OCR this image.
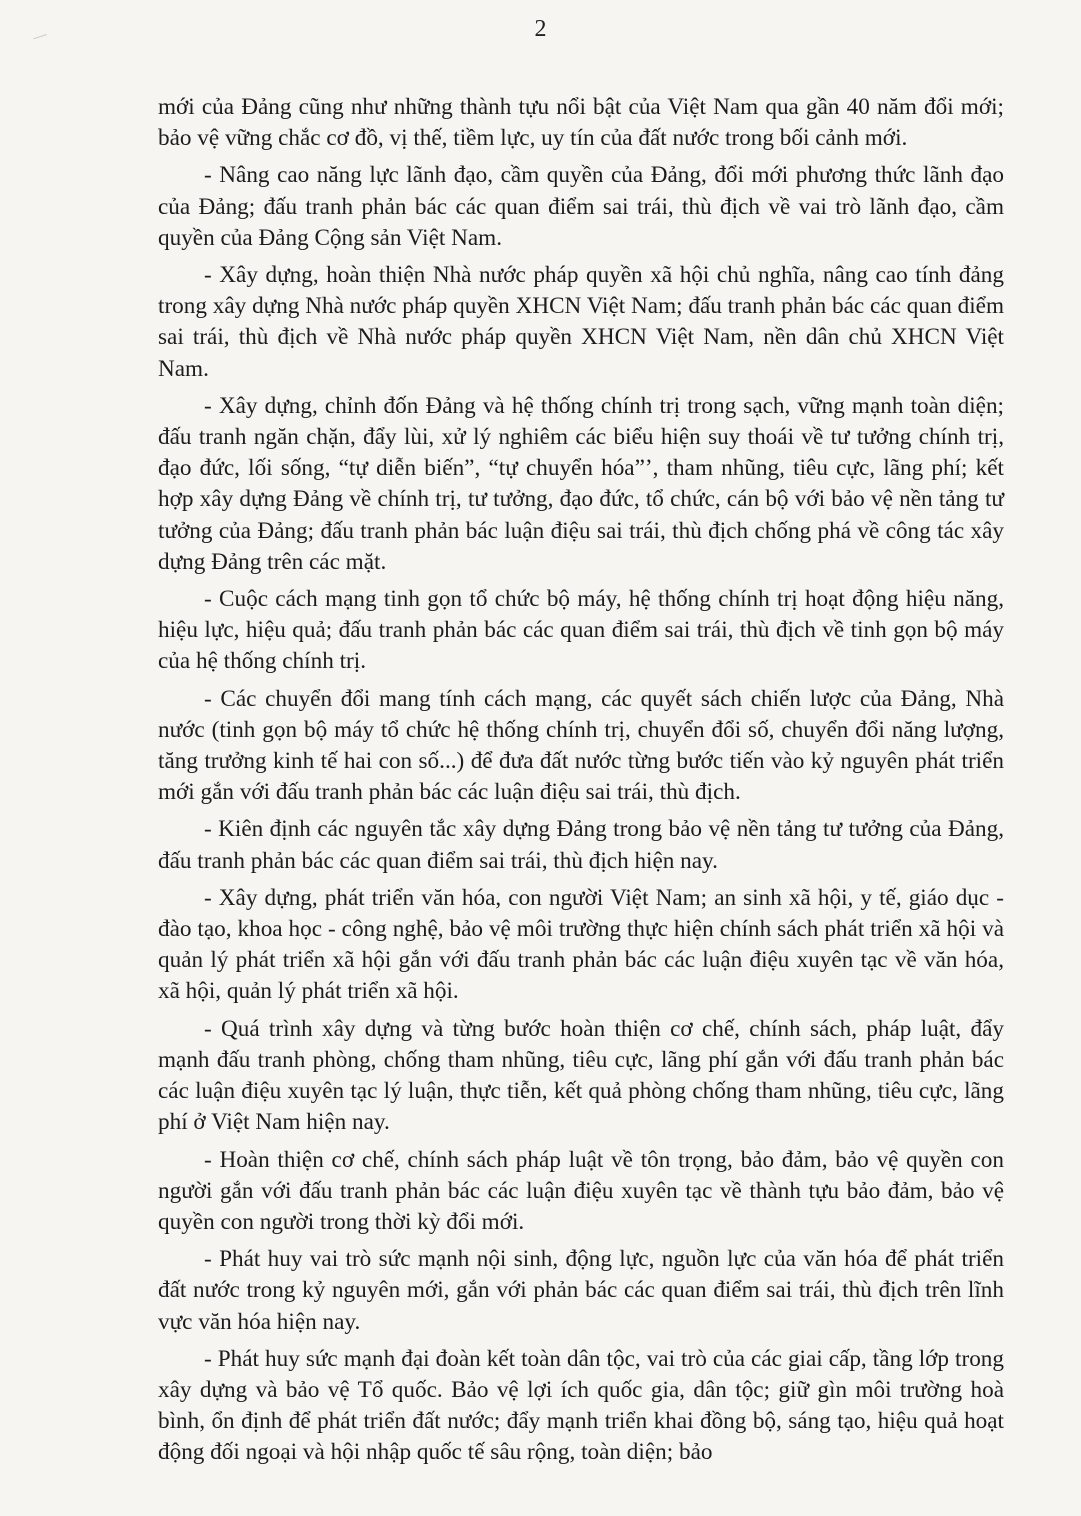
2

mới của Đảng cũng như những thành tựu nổi bật của Việt Nam qua gần 40 năm đổi mới; bảo vệ vững chắc cơ đồ, vị thế, tiềm lực, uy tín của đất nước trong bối cảnh mới.

- Nâng cao năng lực lãnh đạo, cầm quyền của Đảng, đổi mới phương thức lãnh đạo của Đảng; đấu tranh phản bác các quan điểm sai trái, thù địch về vai trò lãnh đạo, cầm quyền của Đảng Cộng sản Việt Nam.

- Xây dựng, hoàn thiện Nhà nước pháp quyền xã hội chủ nghĩa, nâng cao tính đảng trong xây dựng Nhà nước pháp quyền XHCN Việt Nam; đấu tranh phản bác các quan điểm sai trái, thù địch về Nhà nước pháp quyền XHCN Việt Nam, nền dân chủ XHCN Việt Nam.

- Xây dựng, chỉnh đốn Đảng và hệ thống chính trị trong sạch, vững mạnh toàn diện; đấu tranh ngăn chặn, đẩy lùi, xử lý nghiêm các biểu hiện suy thoái về tư tưởng chính trị, đạo đức, lối sống, “tự diễn biến”, “tự chuyển hóa”’, tham nhũng, tiêu cực, lãng phí; kết hợp xây dựng Đảng về chính trị, tư tưởng, đạo đức, tổ chức, cán bộ với bảo vệ nền tảng tư tưởng của Đảng; đấu tranh phản bác luận điệu sai trái, thù địch chống phá về công tác xây dựng Đảng trên các mặt.

- Cuộc cách mạng tinh gọn tổ chức bộ máy, hệ thống chính trị hoạt động hiệu năng, hiệu lực, hiệu quả; đấu tranh phản bác các quan điểm sai trái, thù địch về tinh gọn bộ máy của hệ thống chính trị.

- Các chuyển đổi mang tính cách mạng, các quyết sách chiến lược của Đảng, Nhà nước (tinh gọn bộ máy tổ chức hệ thống chính trị, chuyển đổi số, chuyển đổi năng lượng, tăng trưởng kinh tế hai con số...) để đưa đất nước từng bước tiến vào kỷ nguyên phát triển mới gắn với đấu tranh phản bác các luận điệu sai trái, thù địch.

- Kiên định các nguyên tắc xây dựng Đảng trong bảo vệ nền tảng tư tưởng của Đảng, đấu tranh phản bác các quan điểm sai trái, thù địch hiện nay.

- Xây dựng, phát triển văn hóa, con người Việt Nam; an sinh xã hội, y tế, giáo dục - đào tạo, khoa học - công nghệ, bảo vệ môi trường thực hiện chính sách phát triển xã hội và quản lý phát triển xã hội gắn với đấu tranh phản bác các luận điệu xuyên tạc về văn hóa, xã hội, quản lý phát triển xã hội.

- Quá trình xây dựng và từng bước hoàn thiện cơ chế, chính sách, pháp luật, đẩy mạnh đấu tranh phòng, chống tham nhũng, tiêu cực, lãng phí gắn với đấu tranh phản bác các luận điệu xuyên tạc lý luận, thực tiễn, kết quả phòng chống tham nhũng, tiêu cực, lãng phí ở Việt Nam hiện nay.

- Hoàn thiện cơ chế, chính sách pháp luật về tôn trọng, bảo đảm, bảo vệ quyền con người gắn với đấu tranh phản bác các luận điệu xuyên tạc về thành tựu bảo đảm, bảo vệ quyền con người trong thời kỳ đổi mới.

- Phát huy vai trò sức mạnh nội sinh, động lực, nguồn lực của văn hóa để phát triển đất nước trong kỷ nguyên mới, gắn với phản bác các quan điểm sai trái, thù địch trên lĩnh vực văn hóa hiện nay.

- Phát huy sức mạnh đại đoàn kết toàn dân tộc, vai trò của các giai cấp, tầng lớp trong xây dựng và bảo vệ Tổ quốc. Bảo vệ lợi ích quốc gia, dân tộc; giữ gìn môi trường hoà bình, ổn định để phát triển đất nước; đẩy mạnh triển khai đồng bộ, sáng tạo, hiệu quả hoạt động đối ngoại và hội nhập quốc tế sâu rộng, toàn diện; bảo
